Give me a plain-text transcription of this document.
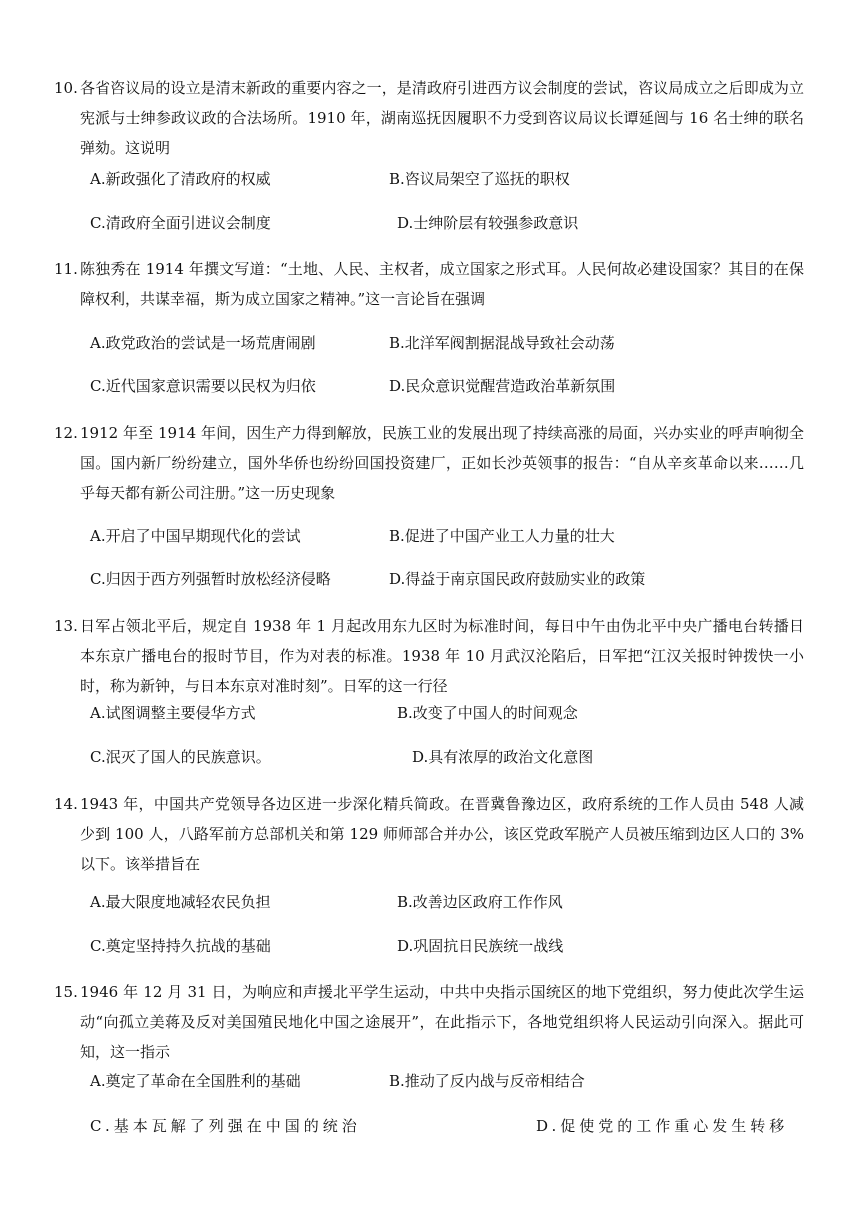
10. 各省咨议局的设立是清末新政的重要内容之一，是清政府引进西方议会制度的尝试，咨议局成立之后即成为立宪派与士绅参政议政的合法场所。1910 年，湖南巡抚因履职不力受到咨议局议长谭延闿与 16 名士绅的联名弹劾。这说明

A.新政强化了清政府的权威	B.咨议局架空了巡抚的职权
C.清政府全面引进议会制度	D.士绅阶层有较强参政意识

11. 陈独秀在 1914 年撰文写道：“土地、人民、主权者，成立国家之形式耳。人民何故必建设国家？其目的在保障权利，共谋幸福，斯为成立国家之精神。”这一言论旨在强调

A.政党政治的尝试是一场荒唐闹剧	B.北洋军阀割据混战导致社会动荡
C.近代国家意识需要以民权为归依	D.民众意识觉醒营造政治革新氛围

12. 1912 年至 1914 年间，因生产力得到解放，民族工业的发展出现了持续高涨的局面，兴办实业的呼声响彻全国。国内新厂纷纷建立，国外华侨也纷纷回国投资建厂，正如长沙英领事的报告：“自从辛亥革命以来……几乎每天都有新公司注册。”这一历史现象

A.开启了中国早期现代化的尝试	B.促进了中国产业工人力量的壮大
C.归因于西方列强暂时放松经济侵略	D.得益于南京国民政府鼓励实业的政策

13. 日军占领北平后，规定自 1938 年 1 月起改用东九区时为标准时间，每日中午由伪北平中央广播电台转播日本东京广播电台的报时节目，作为对表的标准。1938 年 10 月武汉沦陷后，日军把“江汉关报时钟拨快一小时，称为新钟，与日本东京对准时刻”。日军的这一行径

A.试图调整主要侵华方式	B.改变了中国人的时间观念
C.泯灭了国人的民族意识。	D.具有浓厚的政治文化意图

14. 1943 年，中国共产党领导各边区进一步深化精兵简政。在晋冀鲁豫边区，政府系统的工作人员由 548 人减少到 100 人，八路军前方总部机关和第 129 师师部合并办公，该区党政军脱产人员被压缩到边区人口的 3%以下。该举措旨在

A.最大限度地减轻农民负担	B.改善边区政府工作作风
C.奠定坚持持久抗战的基础	D.巩固抗日民族统一战线

15. 1946 年 12 月 31 日，为响应和声援北平学生运动，中共中央指示国统区的地下党组织，努力使此次学生运动“向孤立美蒋及反对美国殖民地化中国之途展开”，在此指示下，各地党组织将人民运动引向深入。据此可知，这一指示

A.奠定了革命在全国胜利的基础	B.推动了反内战与反帝相结合
C.基本瓦解了列强在中国的统治	D.促使党的工作重心发生转移
